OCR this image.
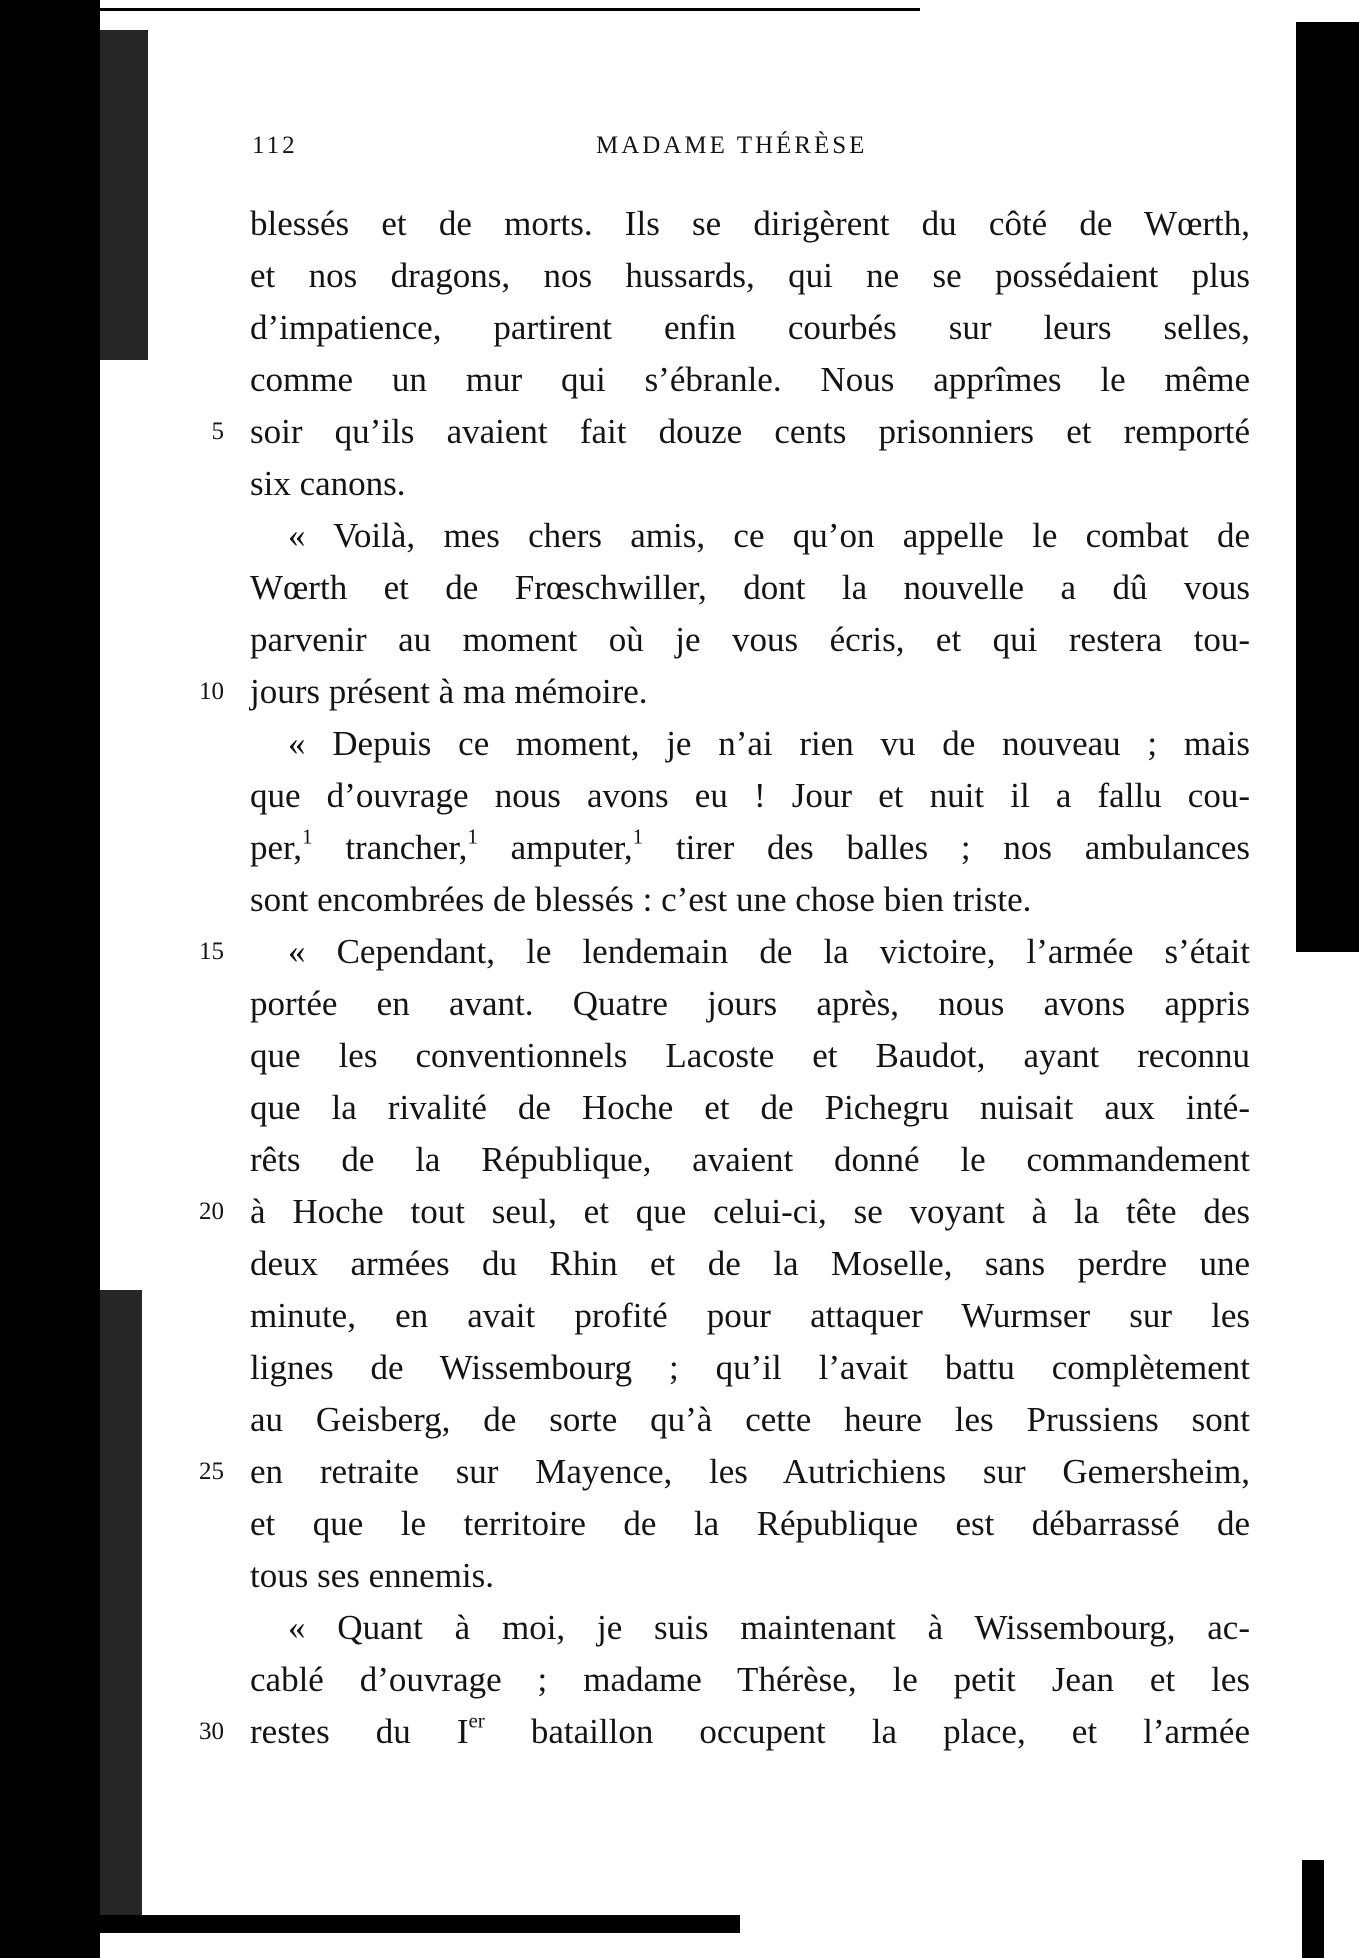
112	MADAME THÉRÈSE
blessés et de morts. Ils se dirigèrent du côté de Wœrth,
et nos dragons, nos hussards, qui ne se possédaient plus
d’impatience, partirent enfin courbés sur leurs selles,
comme un mur qui s’ébranle. Nous apprîmes le même
5 soir qu’ils avaient fait douze cents prisonniers et remporté
six canons.
« Voilà, mes chers amis, ce qu’on appelle le combat de
Wœrth et de Frœschwiller, dont la nouvelle a dû vous
parvenir au moment où je vous écris, et qui restera tou-
10 jours présent à ma mémoire.
« Depuis ce moment, je n’ai rien vu de nouveau ; mais
que d’ouvrage nous avons eu ! Jour et nuit il a fallu cou-
per,$^1$ trancher,$^1$ amputer,$^1$ tirer des balles ; nos ambulances
sont encombrées de blessés : c’est une chose bien triste.
15 « Cependant, le lendemain de la victoire, l’armée s’était
portée en avant. Quatre jours après, nous avons appris
que les conventionnels Lacoste et Baudot, ayant reconnu
que la rivalité de Hoche et de Pichegru nuisait aux inté-
rêts de la République, avaient donné le commandement
20 à Hoche tout seul, et que celui-ci, se voyant à la tête des
deux armées du Rhin et de la Moselle, sans perdre une
minute, en avait profité pour attaquer Wurmser sur les
lignes de Wissembourg ; qu’il l’avait battu complètement
au Geisberg, de sorte qu’à cette heure les Prussiens sont
25 en retraite sur Mayence, les Autrichiens sur Gemersheim,
et que le territoire de la République est débarrassé de
tous ses ennemis.
« Quant à moi, je suis maintenant à Wissembourg, ac-
cablé d’ouvrage ; madame Thérèse, le petit Jean et les
30 restes du Ier bataillon occupent la place, et l’armée
